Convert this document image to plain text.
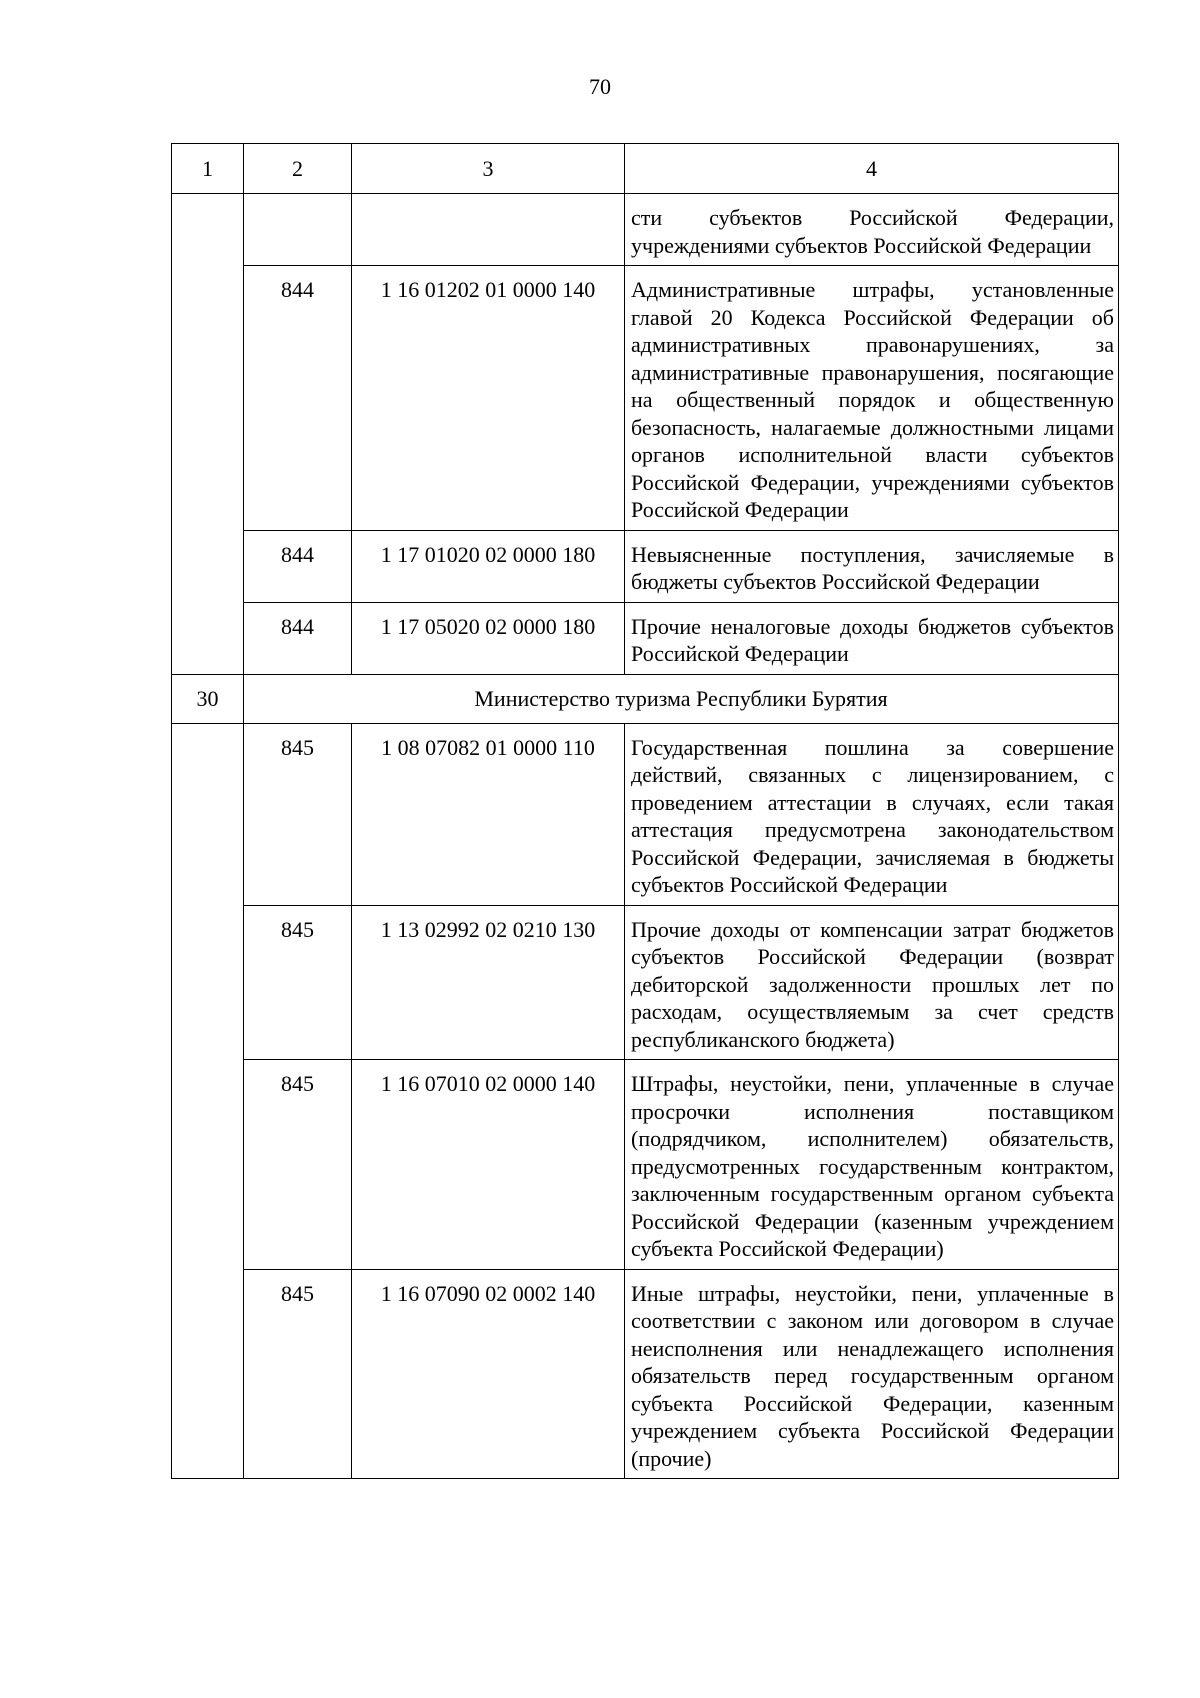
70
1	2	3	4
			сти субъектов Российской Федерации, учреждениями субъектов Российской Федерации
	844	1 16 01202 01 0000 140	Административные штрафы, установленные главой 20 Кодекса Российской Федерации об административных правонарушениях, за административные правонарушения, посягающие на общественный порядок и общественную безопасность, налагаемые должностными лицами органов исполнительной власти субъектов Российской Федерации, учреждениями субъектов Российской Федерации
	844	1 17 01020 02 0000 180	Невыясненные поступления, зачисляемые в бюджеты субъектов Российской Федерации
	844	1 17 05020 02 0000 180	Прочие неналоговые доходы бюджетов субъектов Российской Федерации
30	Министерство туризма Республики Бурятия		
	845	1 08 07082 01 0000 110	Государственная пошлина за совершение действий, связанных с лицензированием, с проведением аттестации в случаях, если такая аттестация предусмотрена законодательством Российской Федерации, зачисляемая в бюджеты субъектов Российской Федерации
	845	1 13 02992 02 0210 130	Прочие доходы от компенсации затрат бюджетов субъектов Российской Федерации (возврат дебиторской задолженности прошлых лет по расходам, осуществляемым за счет средств республиканского бюджета)
	845	1 16 07010 02 0000 140	Штрафы, неустойки, пени, уплаченные в случае просрочки исполнения поставщиком (подрядчиком, исполнителем) обязательств, предусмотренных государственным контрактом, заключенным государственным органом субъекта Российской Федерации (казенным учреждением субъекта Российской Федерации)
	845	1 16 07090 02 0002 140	Иные штрафы, неустойки, пени, уплаченные в соответствии с законом или договором в случае неисполнения или ненадлежащего исполнения обязательств перед государственным органом субъекта Российской Федерации, казенным учреждением субъекта Российской Федерации (прочие)
